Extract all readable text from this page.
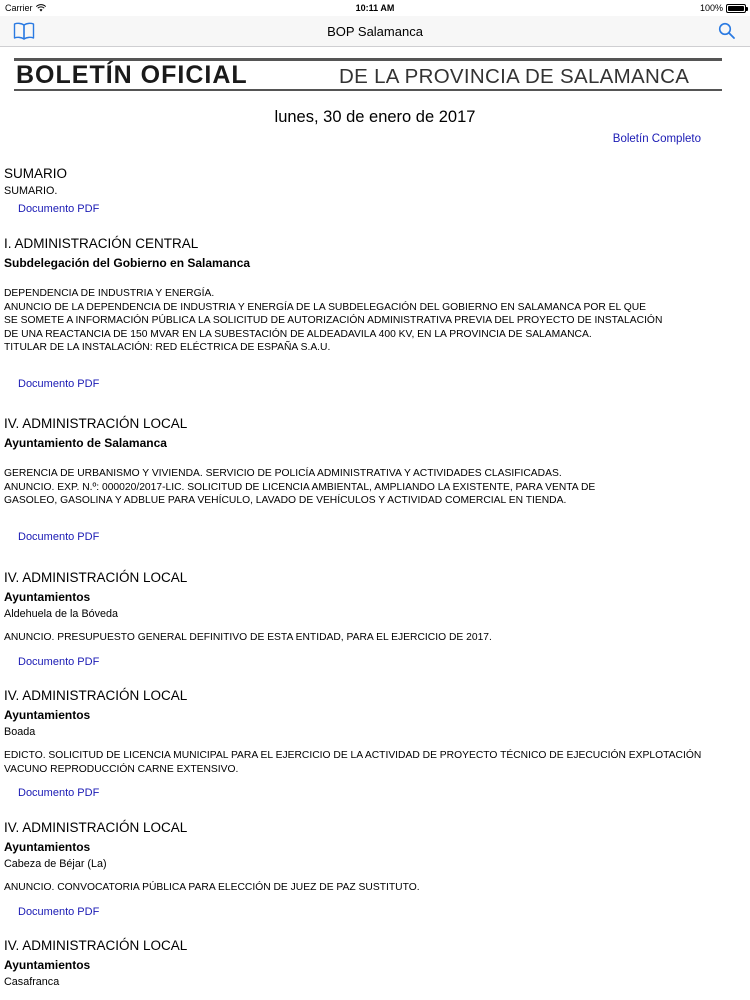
Carrier	10:11 AM	100%
BOP Salamanca
BOLETÍN OFICIAL	DE LA PROVINCIA DE SALAMANCA
lunes, 30 de enero de 2017
Boletín Completo
SUMARIO
SUMARIO.
Documento PDF
I. ADMINISTRACIÓN CENTRAL
Subdelegación del Gobierno en Salamanca
DEPENDENCIA DE INDUSTRIA Y ENERGÍA.
ANUNCIO DE LA DEPENDENCIA DE INDUSTRIA Y ENERGÍA DE LA SUBDELEGACIÓN DEL GOBIERNO EN SALAMANCA POR EL QUE
SE SOMETE A INFORMACIÓN PÚBLICA LA SOLICITUD DE AUTORIZACIÓN ADMINISTRATIVA PREVIA DEL PROYECTO DE INSTALACIÓN
DE UNA REACTANCIA DE 150 MVAR EN LA SUBESTACIÓN DE ALDEADAVILA 400 KV, EN LA PROVINCIA DE SALAMANCA.
TITULAR DE LA INSTALACIÓN: RED ELÉCTRICA DE ESPAÑA S.A.U.
Documento PDF
IV. ADMINISTRACIÓN LOCAL
Ayuntamiento de Salamanca
GERENCIA DE URBANISMO Y VIVIENDA. SERVICIO DE POLICÍA ADMINISTRATIVA Y ACTIVIDADES CLASIFICADAS.
ANUNCIO. EXP. N.º: 000020/2017-LIC. SOLICITUD DE LICENCIA AMBIENTAL, AMPLIANDO LA EXISTENTE, PARA VENTA DE
GASOLEO, GASOLINA Y ADBLUE PARA VEHÍCULO, LAVADO DE VEHÍCULOS Y ACTIVIDAD COMERCIAL EN TIENDA.
Documento PDF
IV. ADMINISTRACIÓN LOCAL
Ayuntamientos
Aldehuela de la Bóveda
ANUNCIO. PRESUPUESTO GENERAL DEFINITIVO DE ESTA ENTIDAD, PARA EL EJERCICIO DE 2017.
Documento PDF
IV. ADMINISTRACIÓN LOCAL
Ayuntamientos
Boada
EDICTO. SOLICITUD DE LICENCIA MUNICIPAL PARA EL EJERCICIO DE LA ACTIVIDAD DE PROYECTO TÉCNICO DE EJECUCIÓN EXPLOTACIÓN
VACUNO REPRODUCCIÓN CARNE EXTENSIVO.
Documento PDF
IV. ADMINISTRACIÓN LOCAL
Ayuntamientos
Cabeza de Béjar (La)
ANUNCIO. CONVOCATORIA PÚBLICA PARA ELECCIÓN DE JUEZ DE PAZ SUSTITUTO.
Documento PDF
IV. ADMINISTRACIÓN LOCAL
Ayuntamientos
Casafranca
